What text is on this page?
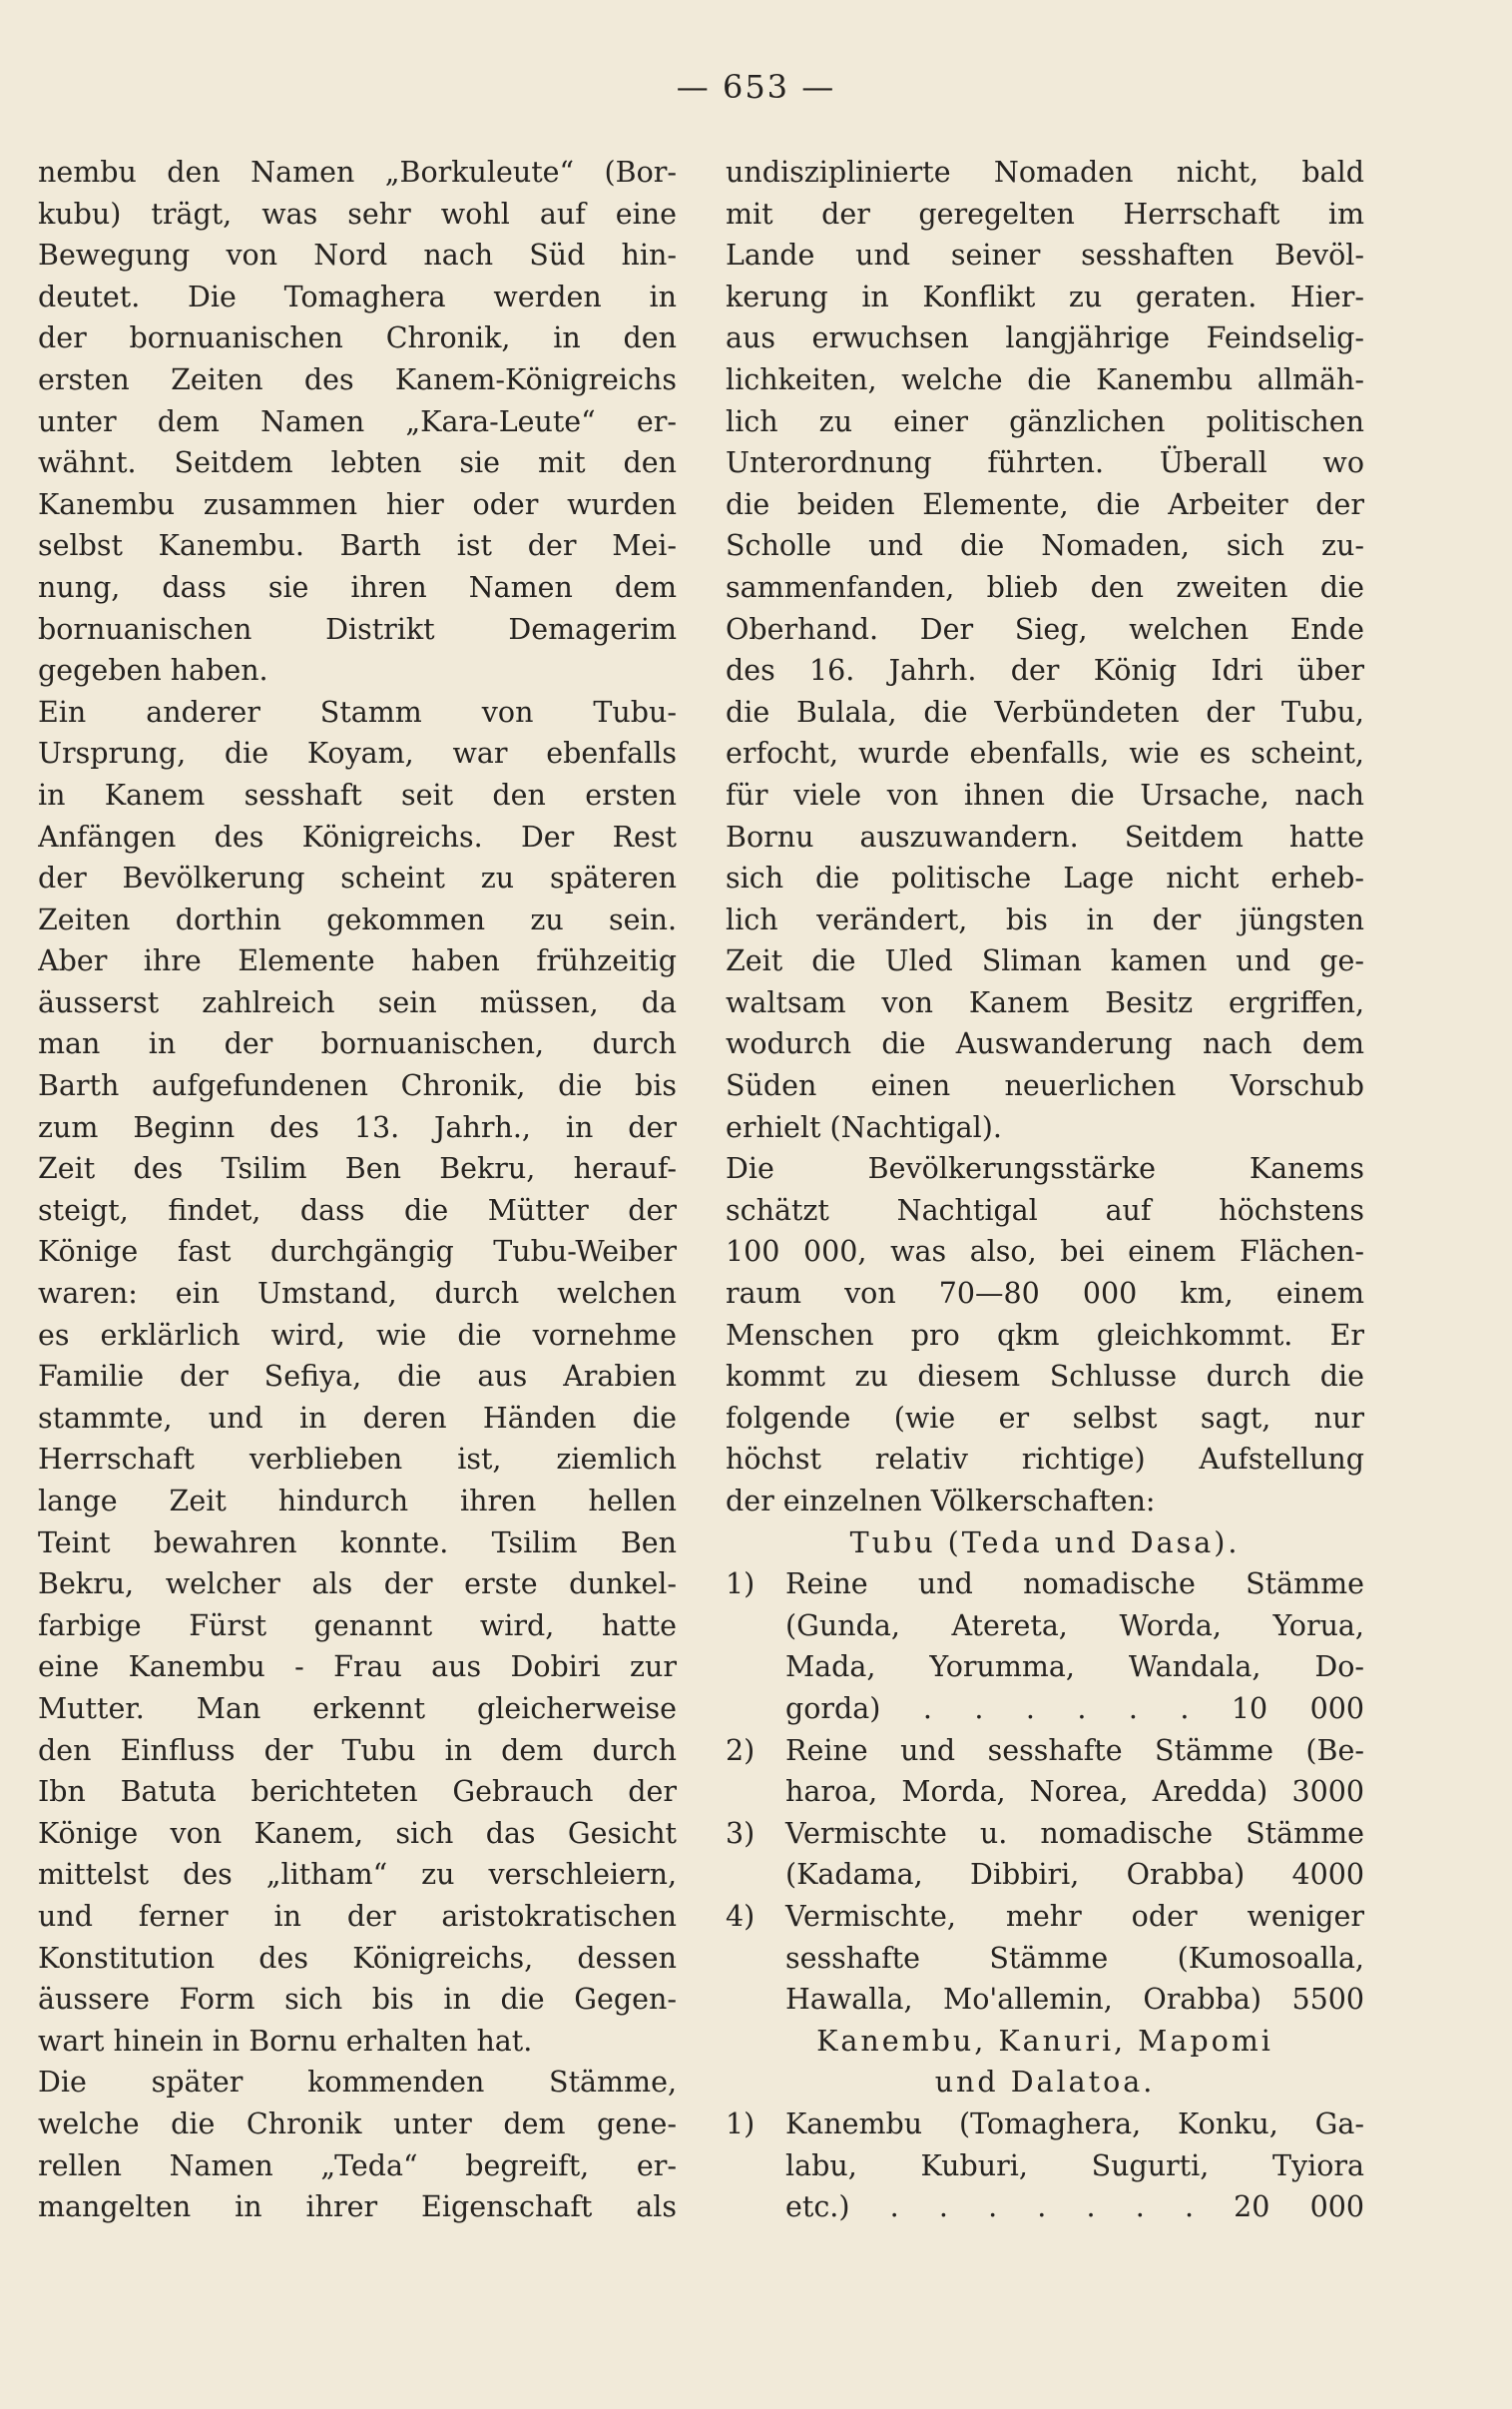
— 653 —
nembu den Namen „Borkuleute“ (Bor-
kubu) trägt, was sehr wohl auf eine
Bewegung von Nord nach Süd hin-
deutet. Die Tomaghera werden in
der bornuanischen Chronik, in den
ersten Zeiten des Kanem-Königreichs
unter dem Namen „Kara-Leute“ er-
wähnt. Seitdem lebten sie mit den
Kanembu zusammen hier oder wurden
selbst Kanembu. Barth ist der Mei-
nung, dass sie ihren Namen dem
bornuanischen Distrikt Demagerim
gegeben haben.
Ein anderer Stamm von Tubu-
Ursprung, die Koyam, war ebenfalls
in Kanem sesshaft seit den ersten
Anfängen des Königreichs. Der Rest
der Bevölkerung scheint zu späteren
Zeiten dorthin gekommen zu sein.
Aber ihre Elemente haben frühzeitig
äusserst zahlreich sein müssen, da
man in der bornuanischen, durch
Barth aufgefundenen Chronik, die bis
zum Beginn des 13. Jahrh., in der
Zeit des Tsilim Ben Bekru, herauf-
steigt, findet, dass die Mütter der
Könige fast durchgängig Tubu-Weiber
waren: ein Umstand, durch welchen
es erklärlich wird, wie die vornehme
Familie der Sefiya, die aus Arabien
stammte, und in deren Händen die
Herrschaft verblieben ist, ziemlich
lange Zeit hindurch ihren hellen
Teint bewahren konnte. Tsilim Ben
Bekru, welcher als der erste dunkel-
farbige Fürst genannt wird, hatte
eine Kanembu - Frau aus Dobiri zur
Mutter. Man erkennt gleicherweise
den Einfluss der Tubu in dem durch
Ibn Batuta berichteten Gebrauch der
Könige von Kanem, sich das Gesicht
mittelst des „litham“ zu verschleiern,
und ferner in der aristokratischen
Konstitution des Königreichs, dessen
äussere Form sich bis in die Gegen-
wart hinein in Bornu erhalten hat.
Die später kommenden Stämme,
welche die Chronik unter dem gene-
rellen Namen „Teda“ begreift, er-
mangelten in ihrer Eigenschaft als
undisziplinierte Nomaden nicht, bald
mit der geregelten Herrschaft im
Lande und seiner sesshaften Bevöl-
kerung in Konflikt zu geraten. Hier-
aus erwuchsen langjährige Feindselig-
lichkeiten, welche die Kanembu allmäh-
lich zu einer gänzlichen politischen
Unterordnung führten. Überall wo
die beiden Elemente, die Arbeiter der
Scholle und die Nomaden, sich zu-
sammenfanden, blieb den zweiten die
Oberhand. Der Sieg, welchen Ende
des 16. Jahrh. der König Idri über
die Bulala, die Verbündeten der Tubu,
erfocht, wurde ebenfalls, wie es scheint,
für viele von ihnen die Ursache, nach
Bornu auszuwandern. Seitdem hatte
sich die politische Lage nicht erheb-
lich verändert, bis in der jüngsten
Zeit die Uled Sliman kamen und ge-
waltsam von Kanem Besitz ergriffen,
wodurch die Auswanderung nach dem
Süden einen neuerlichen Vorschub
erhielt (Nachtigal).
Die Bevölkerungsstärke Kanems
schätzt Nachtigal auf höchstens
100 000, was also, bei einem Flächen-
raum von 70—80 000 km, einem
Menschen pro qkm gleichkommt. Er
kommt zu diesem Schlusse durch die
folgende (wie er selbst sagt, nur
höchst relativ richtige) Aufstellung
der einzelnen Völkerschaften:
Tubu (Teda und Dasa).
1) Reine und nomadische Stämme
(Gunda, Atereta, Worda, Yorua,
Mada, Yorumma, Wandala, Do-
gorda) . . . . . . 10 000
2) Reine und sesshafte Stämme (Be-
haroa, Morda, Norea, Aredda) 3000
3) Vermischte u. nomadische Stämme
(Kadama, Dibbiri, Orabba) 4000
4) Vermischte, mehr oder weniger
sesshafte Stämme (Kumosoalla,
Hawalla, Mo'allemin, Orabba) 5500
Kanembu, Kanuri, Mapomi
und Dalatoa.
1) Kanembu (Tomaghera, Konku, Ga-
labu, Kuburi, Sugurti, Tyiora
etc.) . . . . . . . 20 000
